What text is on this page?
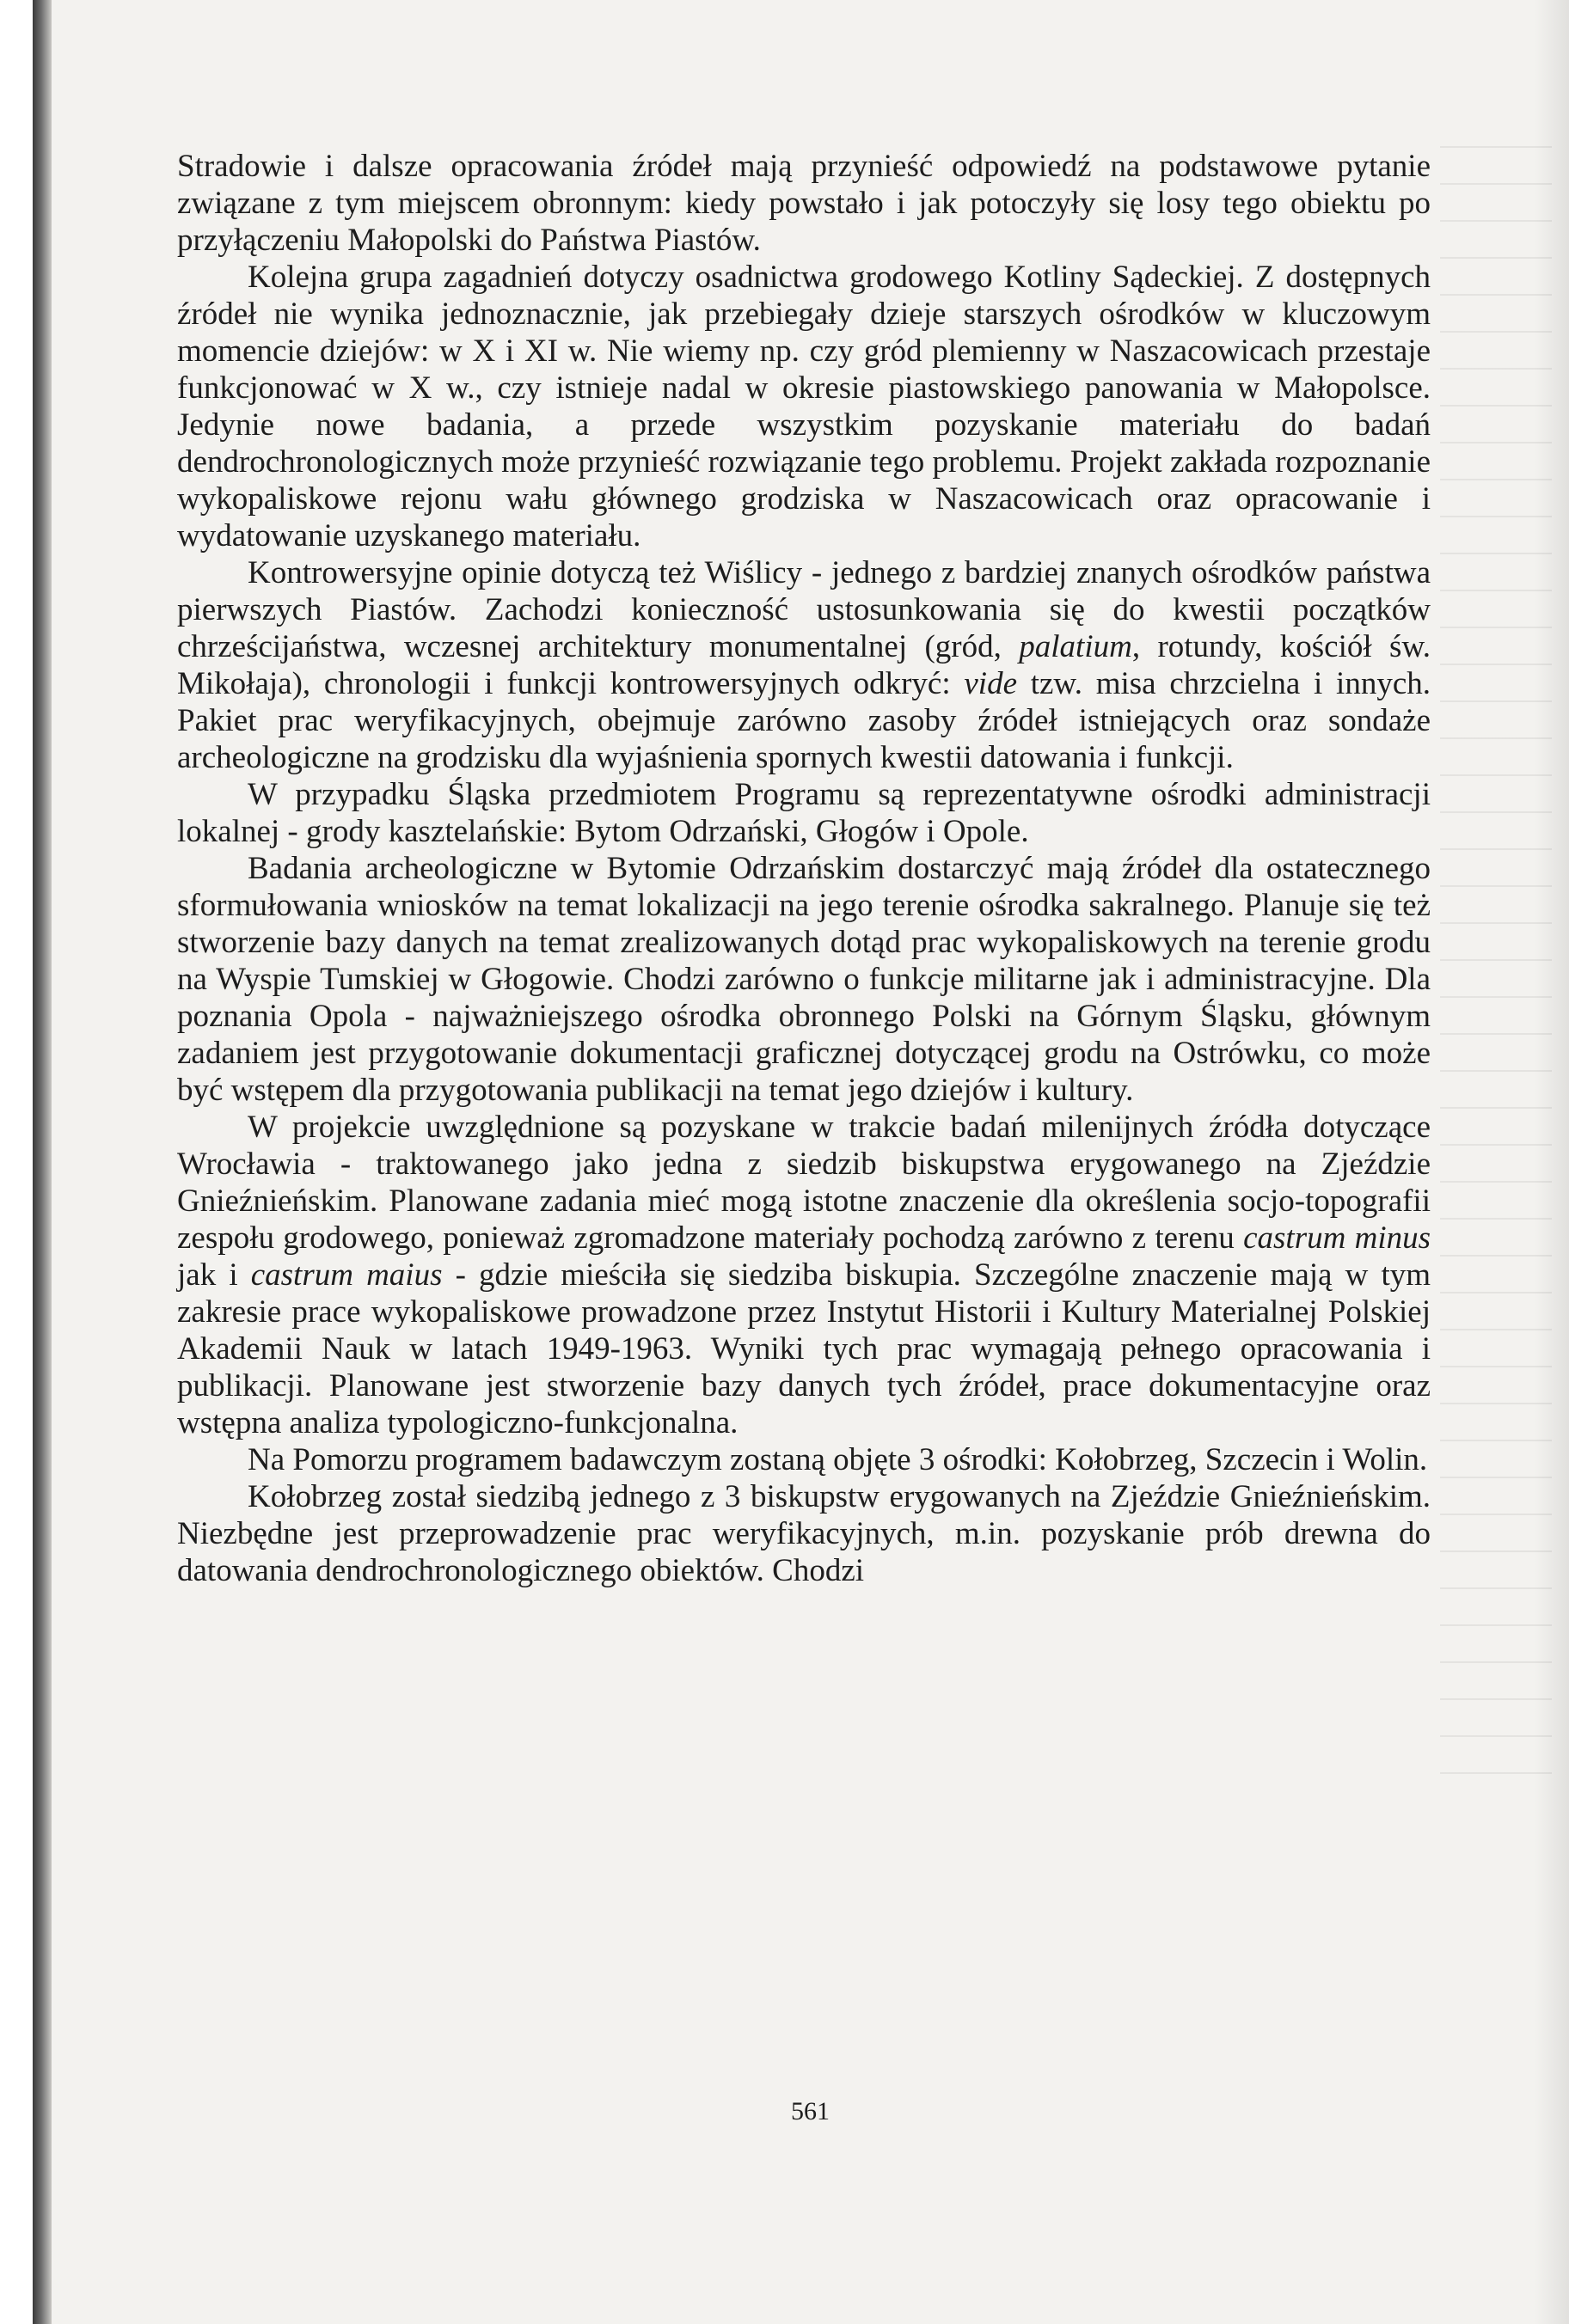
Stradowie i dalsze opracowania źródeł mają przynieść odpowiedź na podstawowe pytanie związane z tym miejscem obronnym: kiedy powstało i jak potoczyły się losy tego obiektu po przyłączeniu Małopolski do Państwa Piastów.

Kolejna grupa zagadnień dotyczy osadnictwa grodowego Kotliny Sądeckiej. Z dostępnych źródeł nie wynika jednoznacznie, jak przebiegały dzieje starszych ośrodków w kluczowym momencie dziejów: w X i XI w. Nie wiemy np. czy gród plemienny w Naszacowicach przestaje funkcjonować w X w., czy istnieje nadal w okresie piastowskiego panowania w Małopolsce. Jedynie nowe badania, a przede wszystkim pozyskanie materiału do badań dendrochronologicznych może przynieść rozwiązanie tego problemu. Projekt zakłada rozpoznanie wykopaliskowe rejonu wału głównego grodziska w Naszacowicach oraz opracowanie i wydatowanie uzyskanego materiału.

Kontrowersyjne opinie dotyczą też Wiślicy - jednego z bardziej znanych ośrodków państwa pierwszych Piastów. Zachodzi konieczność ustosunkowania się do kwestii początków chrześcijaństwa, wczesnej architektury monumentalnej (gród, palatium, rotundy, kościół św. Mikołaja), chronologii i funkcji kontrowersyjnych odkryć: vide tzw. misa chrzcielna i innych. Pakiet prac weryfikacyjnych, obejmuje zarówno zasoby źródeł istniejących oraz sondaże archeologiczne na grodzisku dla wyjaśnienia spornych kwestii datowania i funkcji.

W przypadku Śląska przedmiotem Programu są reprezentatywne ośrodki administracji lokalnej - grody kasztelańskie: Bytom Odrzański, Głogów i Opole.

Badania archeologiczne w Bytomie Odrzańskim dostarczyć mają źródeł dla ostatecznego sformułowania wniosków na temat lokalizacji na jego terenie ośrodka sakralnego. Planuje się też stworzenie bazy danych na temat zrealizowanych dotąd prac wykopaliskowych na terenie grodu na Wyspie Tumskiej w Głogowie. Chodzi zarówno o funkcje militarne jak i administracyjne. Dla poznania Opola - najważniejszego ośrodka obronnego Polski na Górnym Śląsku, głównym zadaniem jest przygotowanie dokumentacji graficznej dotyczącej grodu na Ostrówku, co może być wstępem dla przygotowania publikacji na temat jego dziejów i kultury.

W projekcie uwzględnione są pozyskane w trakcie badań milenijnych źródła dotyczące Wrocławia - traktowanego jako jedna z siedzib biskupstwa erygowanego na Zjeździe Gnieźnieńskim. Planowane zadania mieć mogą istotne znaczenie dla określenia socjo-topografii zespołu grodowego, ponieważ zgromadzone materiały pochodzą zarówno z terenu castrum minus jak i castrum maius - gdzie mieściła się siedziba biskupia. Szczególne znaczenie mają w tym zakresie prace wykopaliskowe prowadzone przez Instytut Historii i Kultury Materialnej Polskiej Akademii Nauk w latach 1949-1963. Wyniki tych prac wymagają pełnego opracowania i publikacji. Planowane jest stworzenie bazy danych tych źródeł, prace dokumentacyjne oraz wstępna analiza typologiczno-funkcjonalna.

Na Pomorzu programem badawczym zostaną objęte 3 ośrodki: Kołobrzeg, Szczecin i Wolin.

Kołobrzeg został siedzibą jednego z 3 biskupstw erygowanych na Zjeździe Gnieźnieńskim. Niezbędne jest przeprowadzenie prac weryfikacyjnych, m.in. pozyskanie prób drewna do datowania dendrochronologicznego obiektów. Chodzi

561
